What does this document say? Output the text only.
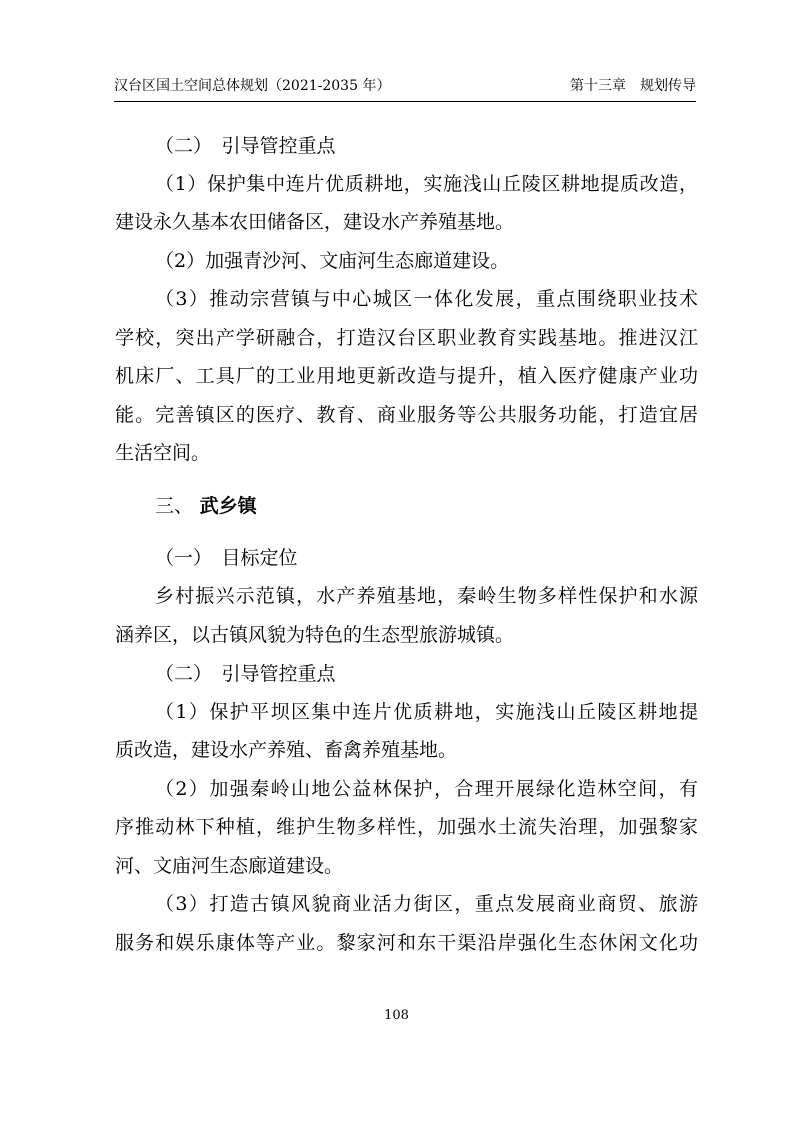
汉台区国土空间总体规划（2021-2035 年）	第十三章　规划传导
（二）　引导管控重点
（1）保护集中连片优质耕地，实施浅山丘陵区耕地提质改造，
建设永久基本农田储备区，建设水产养殖基地。
（2）加强青沙河、文庙河生态廊道建设。
（3）推动宗营镇与中心城区一体化发展，重点围绕职业技术
学校，突出产学研融合，打造汉台区职业教育实践基地。推进汉江
机床厂、工具厂的工业用地更新改造与提升，植入医疗健康产业功
能。完善镇区的医疗、教育、商业服务等公共服务功能，打造宜居
生活空间。
三、 武乡镇
（一）　目标定位
乡村振兴示范镇，水产养殖基地，秦岭生物多样性保护和水源
涵养区，以古镇风貌为特色的生态型旅游城镇。
（二）　引导管控重点
（1）保护平坝区集中连片优质耕地，实施浅山丘陵区耕地提
质改造，建设水产养殖、畜禽养殖基地。
（2）加强秦岭山地公益林保护，合理开展绿化造林空间，有
序推动林下种植，维护生物多样性，加强水土流失治理，加强黎家
河、文庙河生态廊道建设。
（3）打造古镇风貌商业活力街区，重点发展商业商贸、旅游
服务和娱乐康体等产业。黎家河和东干渠沿岸强化生态休闲文化功
108
